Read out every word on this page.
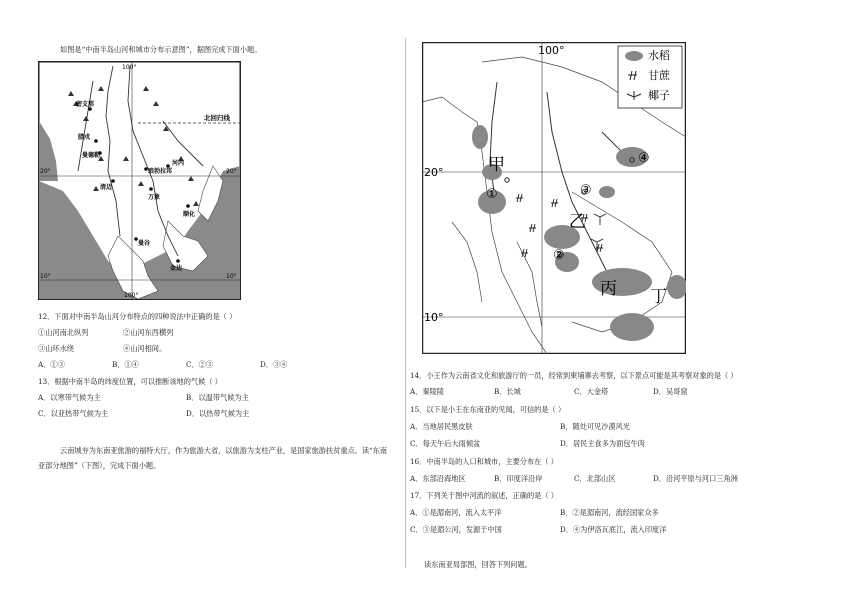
如图是“中南半岛山河和城市分布示意图”，据图完成下面小题。
100°
100°
20°	20°
10°	10°
北回归线
密支那
腊戍
曼德勒
河内
琅勃拉邦
万象
清迈
顺化
曼谷
金边
12．下面对中南半岛山河分布特点的四种说法中正确的是（ ）
①山河南北纵列	②山河东西横列
③山环水绕	④山河相间。
A．①③	B．①④	C．②③	D．③④
13．根据中南半岛的纬度位置，可以推断该地的气候（ ）
A．以寒带气候为主	B．以温带气候为主
C．以亚热带气候为主	D．以热带气候为主
云南城夯为东南亚旅游的福特大厅，作为旅游大省，以旅游为支柱产业，是国家旅游扶贫重点。读“东南
亚部分地图”（下图），完成下面小题。
水稻
甘蔗
椰子
100°
20°
10°
甲
乙
丙 丁
①
②
③
④
14．小王作为云南省文化和旅游厅的一员，经常到柬埔寨去考察，以下景点可能是其考察对象的是（ ）
A．秦陵陵	B．长城	C．大金塔	D．吴哥窟
15．以下是小王在东南亚的见闻，可信的是（ ）
A．当地居民黑皮肤	B．随处可见沙漠风光
C．每天午后大雨倾盆	D．居民主食多为面包牛肉
16．中南半岛的人口和城市，主要分布在（ ）
A．东部沿海地区	B．印度洋沿岸	C．北部山区	D．沿河平原与河口三角洲
17．下列关于图中河流的叙述，正确的是（ ）
A．①是湄南河，流入太平洋	B．②是湄南河，流经国家众多
C．③是湄公河，发源于中国	D．④为伊洛瓦底江，流入印度洋
读东南亚局部图，回答下列问题。
